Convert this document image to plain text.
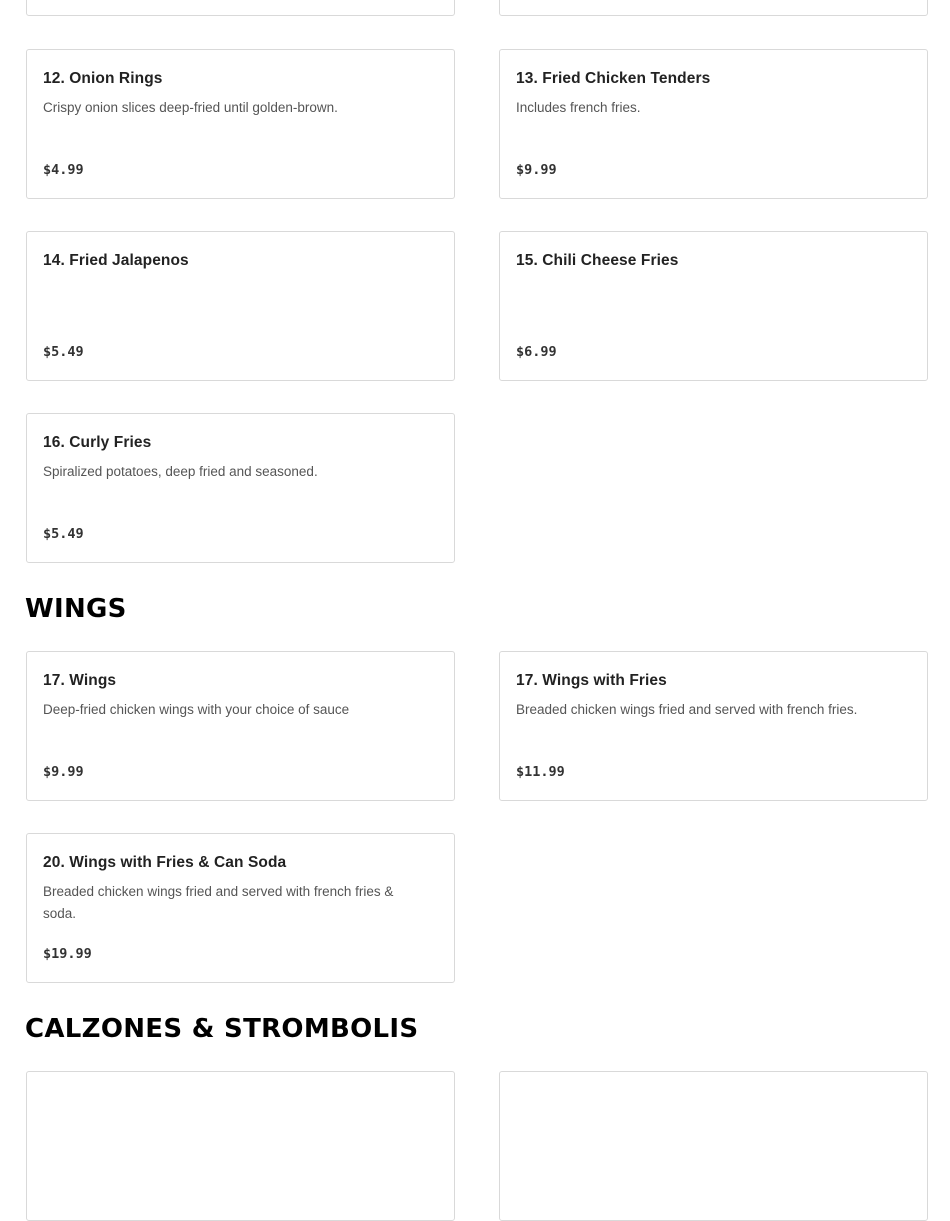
12. Onion Rings
Crispy onion slices deep-fried until golden-brown.
$4.99
13. Fried Chicken Tenders
Includes french fries.
$9.99
14. Fried Jalapenos
$5.49
15. Chili Cheese Fries
$6.99
16. Curly Fries
Spiralized potatoes, deep fried and seasoned.
$5.49
WINGS
17. Wings
Deep-fried chicken wings with your choice of sauce
$9.99
17. Wings with Fries
Breaded chicken wings fried and served with french fries.
$11.99
20. Wings with Fries & Can Soda
Breaded chicken wings fried and served with french fries & soda.
$19.99
CALZONES & STROMBOLIS
